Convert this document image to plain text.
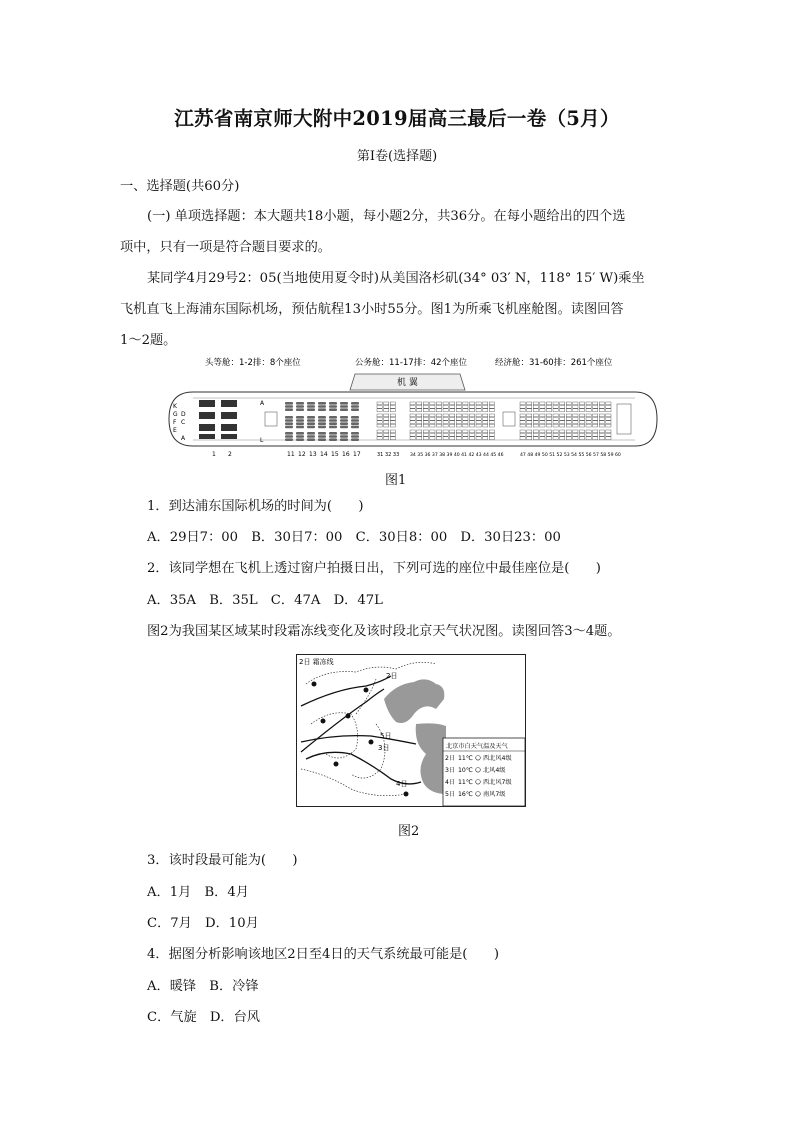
江苏省南京师大附中2019届高三最后一卷（5月）
第Ⅰ卷(选择题)
一、选择题(共60分)
(一) 单项选择题：本大题共18小题，每小题2分，共36分。在每小题给出的四个选
项中，只有一项是符合题目要求的。
某同学4月29号2：05(当地使用夏令时)从美国洛杉矶(34° 03′ N，118° 15′ W)乘坐
飞机直飞上海浦东国际机场，预估航程13小时55分。图1为所乘飞机座舱图。读图回答
1～2题。
头等舱：1-2排：8个座位	公务舱：11-17排：42个座位	经济舱：31-60排：261个座位
机 翼
K
G
F
E
D
C
A
A
L
1 2	11 12 13 14 15 16 17	31 32 33 34 35 36 37 38 39 40 41 42 43 44 45 46	47 48 49 50 51 52 53 54 55 56 57 58 59 60
图1
1．到达浦东国际机场的时间为(　　)
A．29日7：00　B．30日7：00　C．30日8：00　D．30日23：00
2．该同学想在飞机上透过窗户拍摄日出，下列可选的座位中最佳座位是(　　)
A．35A　B．35L　C．47A　D．47L
图2为我国某区域某时段霜冻线变化及该时段北京天气状况图。读图回答3～4题。
2日 霜冻线
2日
3日
4日
5日
北京市白天气温及天气
2日 11℃ 西北风4级
3日 10℃ 北风4级
4日 11℃ 西北风7级
5日 16℃ 南风7级
图2
3．该时段最可能为(　　)
A．1月　B．4月
C．7月　D．10月
4．据图分析影响该地区2日至4日的天气系统最可能是(　　)
A．暖锋　B．冷锋
C．气旋　D．台风
